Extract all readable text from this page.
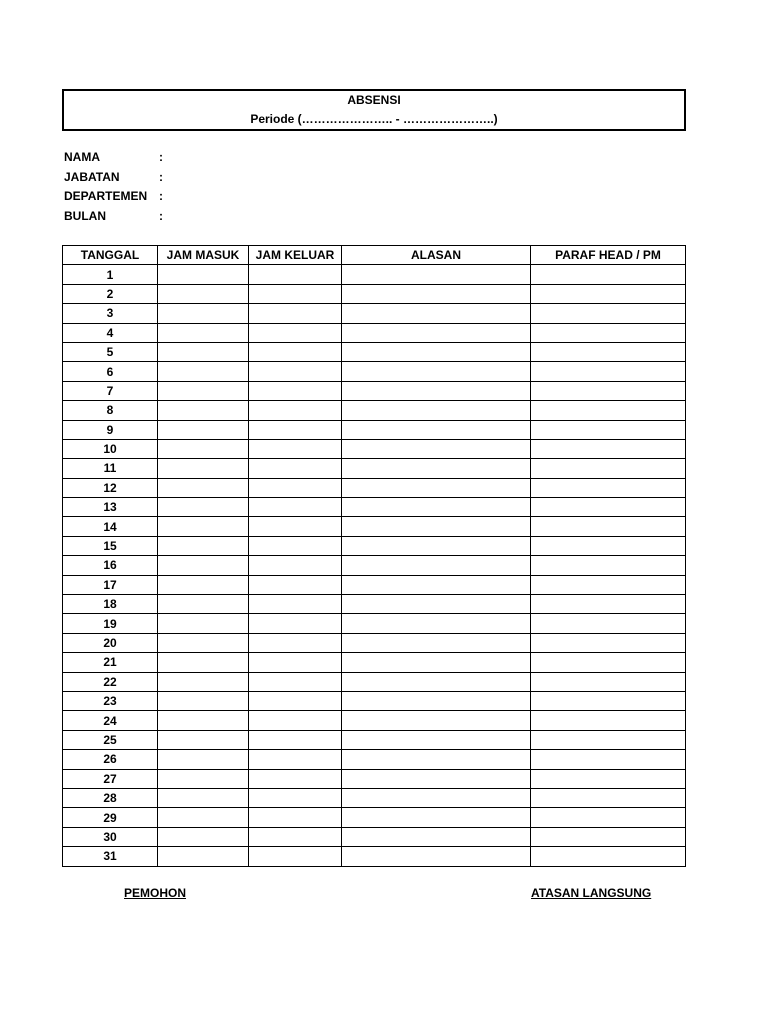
ABSENSI
Periode (………………….. - …………………..)
NAMA	:
JABATAN	:
DEPARTEMEN :
BULAN	:
TANGGAL	JAM MASUK	JAM KELUAR	ALASAN	PARAF HEAD / PM
1				
2				
3				
4				
5				
6				
7				
8				
9				
10				
11				
12				
13				
14				
15				
16				
17				
18				
19				
20				
21				
22				
23				
24				
25				
26				
27				
28				
29				
30				
31				
PEMOHON	ATASAN LANGSUNG
